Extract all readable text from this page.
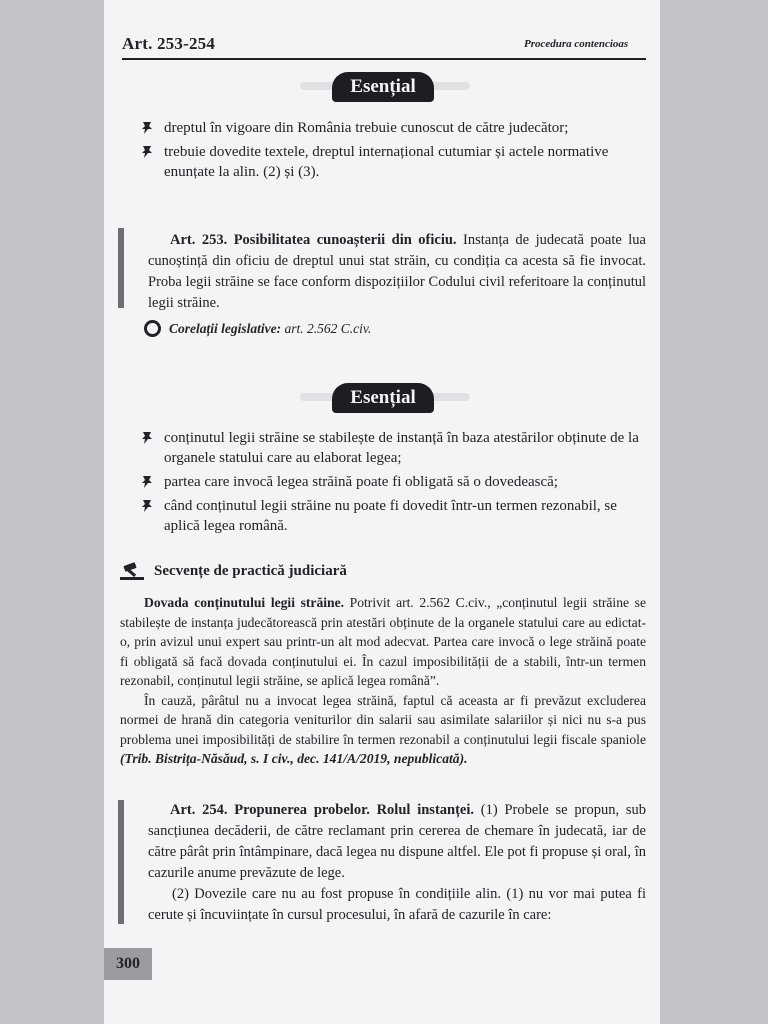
Art. 253-254	Procedura contencioas
Esențial
dreptul în vigoare din România trebuie cunoscut de către judecător;
trebuie dovedite textele, dreptul internațional cutumiar și actele normative enunțate la alin. (2) și (3).
Art. 253. Posibilitatea cunoașterii din oficiu. Instanța de judecată poate lua cunoștință din oficiu de dreptul unui stat străin, cu condiția ca acesta să fie invocat. Proba legii străine se face conform dispozițiilor Codului civil referitoare la conținutul legii străine.
Corelații legislative:
art. 2.562 C.civ.
Esențial
conținutul legii străine se stabilește de instanță în baza atestărilor obținute de la organele statului care au elaborat legea;
partea care invocă legea străină poate fi obligată să o dovedească;
când conținutul legii străine nu poate fi dovedit într-un termen rezonabil, se aplică legea română.
Secvențe de practică judiciară
Dovada conținutului legii străine. Potrivit art. 2.562 C.civ., „conținutul legii străine se stabilește de instanța judecătorească prin atestări obținute de la organele statului care au edictat-o, prin avizul unui expert sau printr-un alt mod adecvat. Partea care invocă o lege străină poate fi obligată să facă dovada conținutului ei. În cazul imposibilității de a stabili, într-un termen rezonabil, conținutul legii străine, se aplică legea română”.
În cauză, pârâtul nu a invocat legea străină, faptul că aceasta ar fi prevăzut excluderea normei de hrană din categoria veniturilor din salarii sau asimilate salariilor și nici nu s-a pus problema unei imposibilități de stabilire în termen rezonabil a conținutului legii fiscale spaniole (Trib. Bistrița-Năsăud, s. I civ., dec. 141/A/2019, nepublicată).
Art. 254. Propunerea probelor. Rolul instanței. (1) Probele se propun, sub sancțiunea decăderii, de către reclamant prin cererea de chemare în judecată, iar de către pârât prin întâmpinare, dacă legea nu dispune altfel. Ele pot fi propuse și oral, în cazurile anume prevăzute de lege.
(2) Dovezile care nu au fost propuse în condițiile alin. (1) nu vor mai putea fi cerute și încuviințate în cursul procesului, în afară de cazurile în care:
300
